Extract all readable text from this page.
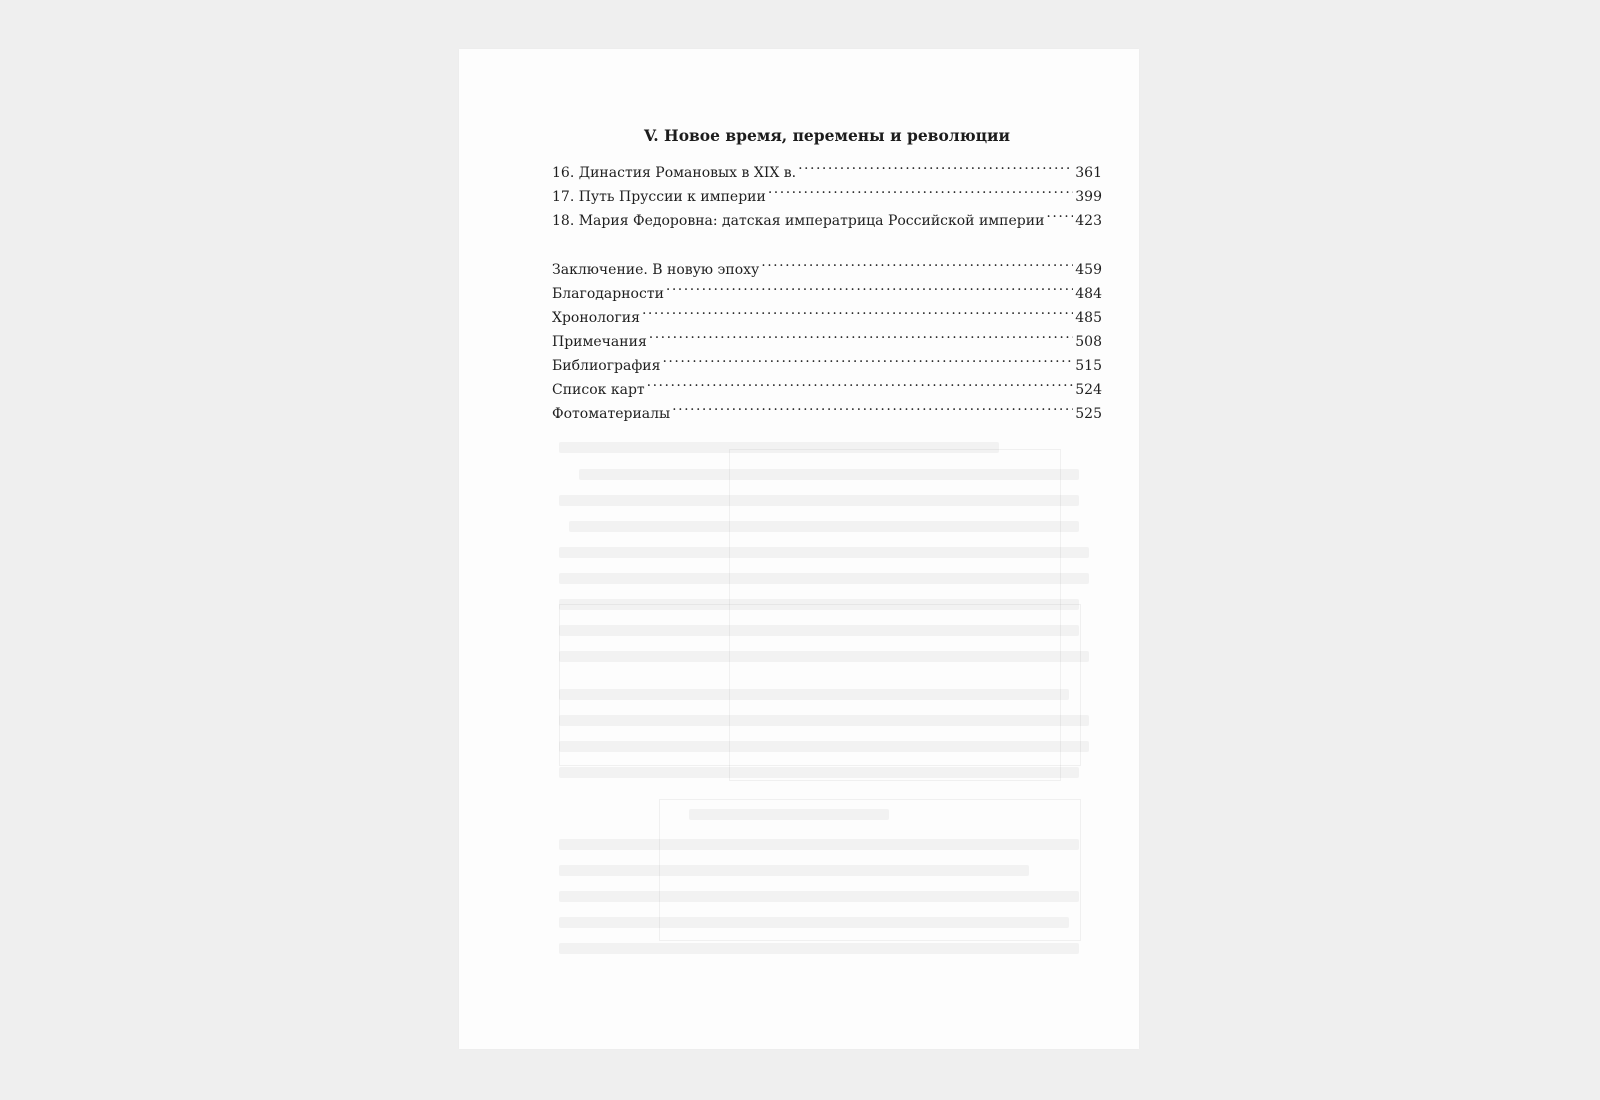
V. Новое время, перемены и революции
16. Династия Романовых в XIX в. .....	361
17. Путь Пруссии к империи .....	399
18. Мария Федоровна: датская императрица Российской империи ..... 423
Заключение. В новую эпоху .....	459
Благодарности .....	484
Хронология .....	485
Примечания .....	508
Библиография .....	515
Список карт .....	524
Фотоматериалы .....	525
